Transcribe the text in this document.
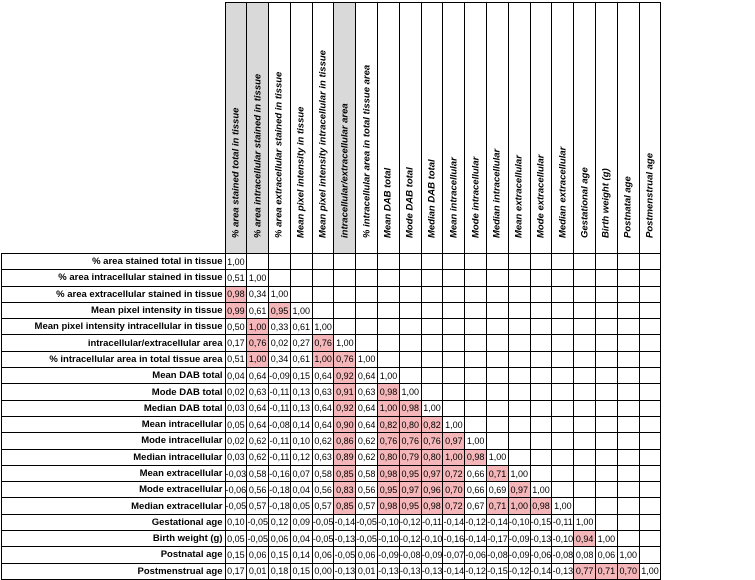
	% area stained total in tissue	% area intracellular stained in tissue	% area extracellular stained in tissue	Mean pixel intensity in tissue	Mean pixel intensity intracellular in tissue	intracellular/extracellular area	% intracellular area in total tissue area	Mean DAB total	Mode DAB total	Median DAB total	Mean intracellular	Mode intracellular	Median intracellular	Mean extracellular	Mode extracellular	Median extracellular	Gestational age	Birth weight (g)	Postnatal age	Postmenstrual age

% area stained total in tissue	1,00																			
% area intracellular stained in tissue	0,51	1,00																		
% area extracellular stained in tissue	0,98	0,34	1,00																	
Mean pixel intensity in tissue	0,99	0,61	0,95	1,00																
Mean pixel intensity intracellular in tissue	0,50	1,00	0,33	0,61	1,00															
intracellular/extracellular area	0,17	0,76	0,02	0,27	0,76	1,00														
% intracellular area in total tissue area	0,51	1,00	0,34	0,61	1,00	0,76	1,00													
Mean DAB total	0,04	0,64	-0,09	0,15	0,64	0,92	0,64	1,00												
Mode DAB total	0,02	0,63	-0,11	0,13	0,63	0,91	0,63	0,98	1,00											
Median DAB total	0,03	0,64	-0,11	0,13	0,64	0,92	0,64	1,00	0,98	1,00										
Mean intracellular	0,05	0,64	-0,08	0,14	0,64	0,90	0,64	0,82	0,80	0,82	1,00									
Mode intracellular	0,02	0,62	-0,11	0,10	0,62	0,86	0,62	0,76	0,76	0,76	0,97	1,00								
Median intracellular	0,03	0,62	-0,11	0,12	0,63	0,89	0,62	0,80	0,79	0,80	1,00	0,98	1,00							
Mean extracellular	-0,03	0,58	-0,16	0,07	0,58	0,85	0,58	0,98	0,95	0,97	0,72	0,66	0,71	1,00						
Mode extracellular	-0,06	0,56	-0,18	0,04	0,56	0,83	0,56	0,95	0,97	0,96	0,70	0,66	0,69	0,97	1,00					
Median extracellular	-0,05	0,57	-0,18	0,05	0,57	0,85	0,57	0,98	0,95	0,98	0,72	0,67	0,71	1,00	0,98	1,00				
Gestational age	0,10	-0,05	0,12	0,09	-0,05	-0,14	-0,05	-0,10	-0,12	-0,11	-0,14	-0,12	-0,14	-0,10	-0,15	-0,11	1,00			
Birth weight (g)	0,05	-0,05	0,06	0,04	-0,05	-0,13	-0,05	-0,10	-0,12	-0,10	-0,16	-0,14	-0,17	-0,09	-0,13	-0,10	0,94	1,00		
Postnatal age	0,15	0,06	0,15	0,14	0,06	-0,05	0,06	-0,09	-0,08	-0,09	-0,07	-0,06	-0,08	-0,09	-0,06	-0,08	0,08	0,06	1,00	
Postmenstrual age	0,17	0,01	0,18	0,15	0,00	-0,13	0,01	-0,13	-0,13	-0,13	-0,14	-0,12	-0,15	-0,12	-0,14	-0,13	0,77	0,71	0,70	1,00
